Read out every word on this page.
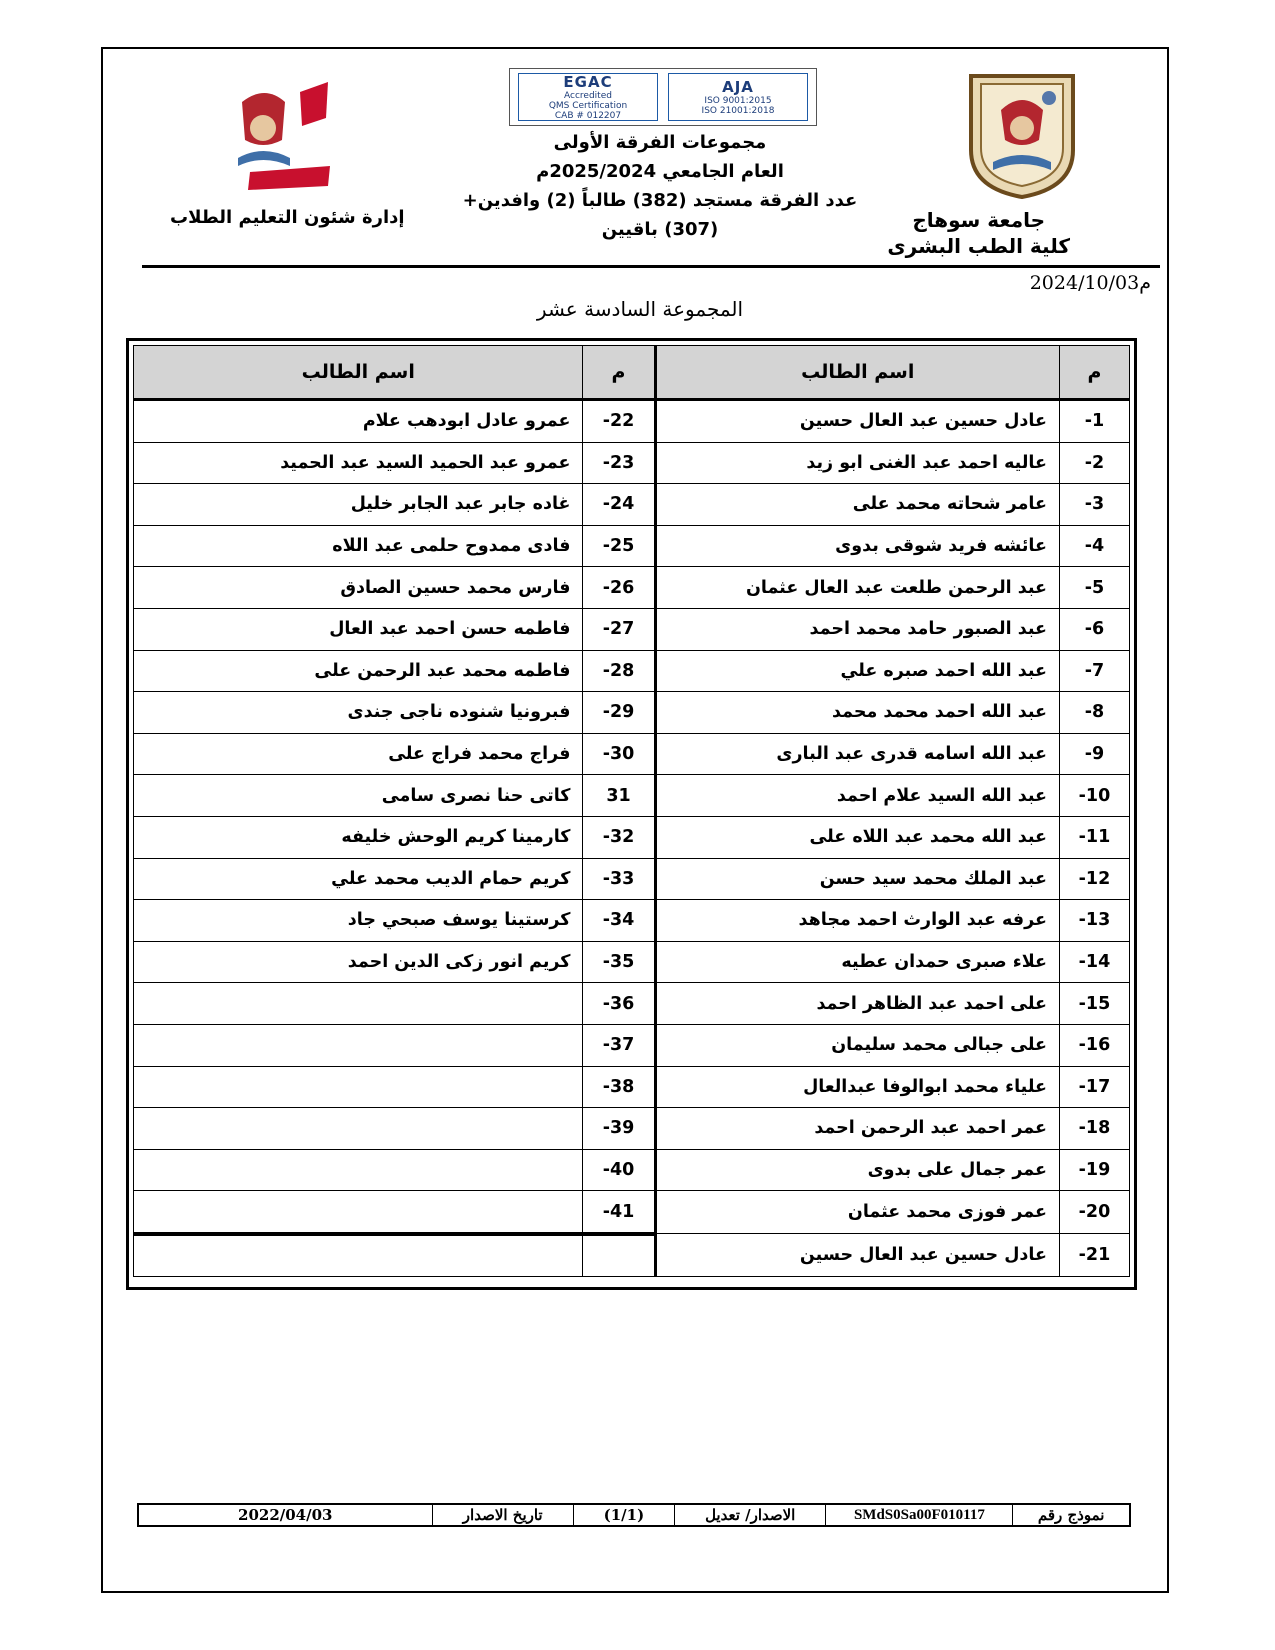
جامعة سوهاج
كلية الطب البشرى
AJA
ISO 9001:2015
ISO 21001:2018
EGAC
Accredited
QMS Certification
CAB # 012207
مجموعات الفرقة الأولى
العام الجامعي 2025/2024م
عدد الفرقة مستجد (382) طالباً (2) وافدين+
(307) باقيين
إدارة شئون التعليم الطلاب
2024/10/03م
المجموعة السادسة عشر
م	اسم الطالب	م	اسم الطالب
1-	عادل حسين عبد العال حسين	22-	عمرو عادل ابودهب علام
2-	عاليه احمد عبد الغنى ابو زيد	23-	عمرو عبد الحميد السيد عبد الحميد
3-	عامر شحاته محمد على	24-	غاده جابر عبد الجابر خليل
4-	عائشه فريد شوقى بدوى	25-	فادى ممدوح حلمى عبد اللاه
5-	عبد الرحمن طلعت عبد العال عثمان	26-	فارس محمد حسين الصادق
6-	عبد الصبور حامد محمد احمد	27-	فاطمه حسن احمد عبد العال
7-	عبد الله احمد صبره علي	28-	فاطمه محمد عبد الرحمن على
8-	عبد الله احمد محمد محمد	29-	فبرونيا شنوده ناجى جندى
9-	عبد الله اسامه قدرى عبد البارى	30-	فراج محمد فراج على
10-	عبد الله السيد علام احمد	31	كاتى حنا نصرى سامى
11-	عبد الله محمد عبد اللاه على	32-	كارمينا كريم الوحش خليفه
12-	عبد الملك محمد سيد حسن	33-	كريم حمام الديب محمد علي
13-	عرفه عبد الوارث احمد مجاهد	34-	كرستينا يوسف صبحي جاد
14-	علاء صبرى حمدان عطيه	35-	كريم انور زكى الدين احمد
15-	على احمد عبد الظاهر احمد	36-	
16-	على جبالى محمد سليمان	37-	
17-	علياء محمد ابوالوفا عبدالعال	38-	
18-	عمر احمد عبد الرحمن احمد	39-	
19-	عمر جمال على بدوى	40-	
20-	عمر فوزى محمد عثمان	41-	
21-	عادل حسين عبد العال حسين		
نموذج رقم	SMdS0Sa00F010117	الاصدار/ تعديل	(1/1)	تاريخ الاصدار	2022/04/03
